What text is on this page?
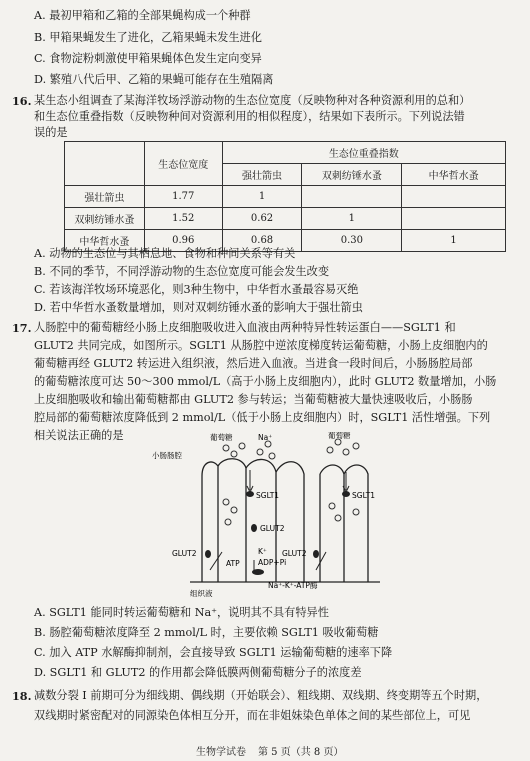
A. 最初甲箱和乙箱的全部果蝇构成一个种群
B. 甲箱果蝇发生了进化，乙箱果蝇未发生进化
C. 食物淀粉刺激使甲箱果蝇体色发生定向变异
D. 繁殖八代后甲、乙箱的果蝇可能存在生殖隔离
16. 某生态小组调查了某海洋牧场浮游动物的生态位宽度（反映物种对各种资源利用的总和）
和生态位重叠指数（反映物种间对资源利用的相似程度），结果如下表所示。下列说法错
误的是
	生态位宽度	生态位重叠指数		
		强壮箭虫	双刺纺锤水蚤	中华哲水蚤
强壮箭虫	1.77	1		
双刺纺锤水蚤	1.52	0.62	1	
中华哲水蚤	0.96	0.68	0.30	1
A. 动物的生态位与其栖息地、食物和种间关系等有关
B. 不同的季节，不同浮游动物的生态位宽度可能会发生改变
C. 若该海洋牧场环境恶化，则3种生物中，中华哲水蚤最容易灭绝
D. 若中华哲水蚤数量增加，则对双刺纺锤水蚤的影响大于强壮箭虫
17. 人肠腔中的葡萄糖经小肠上皮细胞吸收进入血液由两种特异性转运蛋白——SGLT1 和
GLUT2 共同完成，如图所示。SGLT1 从肠腔中逆浓度梯度转运葡萄糖，小肠上皮细胞内的
葡萄糖再经 GLUT2 转运进入组织液，然后进入血液。当进食一段时间后，小肠肠腔局部
的葡萄糖浓度可达 50～300 mmol/L（高于小肠上皮细胞内），此时 GLUT2 数量增加，小肠
上皮细胞吸收和输出葡萄糖都由 GLUT2 参与转运；当葡萄糖被大量快速吸收后，小肠肠
腔局部的葡萄糖浓度降低到 2 mmol/L（低于小肠上皮细胞内）时，SGLT1 活性增强。下列
相关说法正确的是
小肠肠腔
葡萄糖	Na⁺	葡萄糖
SGLT1	SGLT1
GLUT2
GLUT2	GLUT2
ATP
K⁺
ADP+Pi
组织液
Na⁺-K⁺-ATP酶
A. SGLT1 能同时转运葡萄糖和 Na⁺，说明其不具有特异性
B. 肠腔葡萄糖浓度降至 2 mmol/L 时，主要依赖 SGLT1 吸收葡萄糖
C. 加入 ATP 水解酶抑制剂，会直接导致 SGLT1 运输葡萄糖的速率下降
D. SGLT1 和 GLUT2 的作用都会降低膜两侧葡萄糖分子的浓度差
18. 减数分裂 Ⅰ 前期可分为细线期、偶线期（开始联会）、粗线期、双线期、终变期等五个时期，
双线期时紧密配对的同源染色体相互分开，而在非姐妹染色单体之间的某些部位上，可见
生物学试卷 第 5 页（共 8 页）
